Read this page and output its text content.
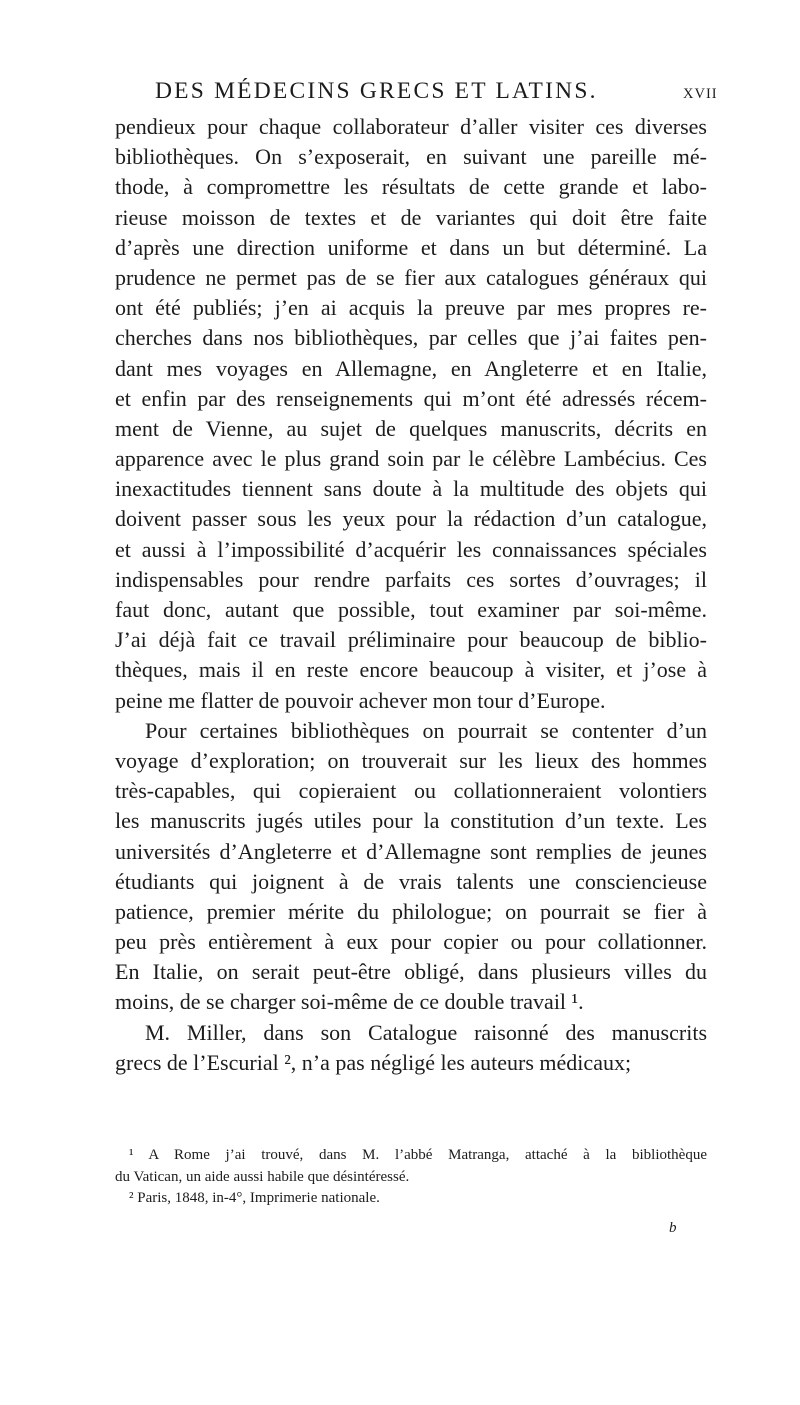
DES MÉDECINS GRECS ET LATINS.	XVII
pendieux pour chaque collaborateur d’aller visiter ces diverses
bibliothèques. On s’exposerait, en suivant une pareille mé-
thode, à compromettre les résultats de cette grande et labo-
rieuse moisson de textes et de variantes qui doit être faite
d’après une direction uniforme et dans un but déterminé. La
prudence ne permet pas de se fier aux catalogues généraux qui
ont été publiés; j’en ai acquis la preuve par mes propres re-
cherches dans nos bibliothèques, par celles que j’ai faites pen-
dant mes voyages en Allemagne, en Angleterre et en Italie,
et enfin par des renseignements qui m’ont été adressés récem-
ment de Vienne, au sujet de quelques manuscrits, décrits en
apparence avec le plus grand soin par le célèbre Lambécius. Ces
inexactitudes tiennent sans doute à la multitude des objets qui
doivent passer sous les yeux pour la rédaction d’un catalogue,
et aussi à l’impossibilité d’acquérir les connaissances spéciales
indispensables pour rendre parfaits ces sortes d’ouvrages; il
faut donc, autant que possible, tout examiner par soi-même.
J’ai déjà fait ce travail préliminaire pour beaucoup de biblio-
thèques, mais il en reste encore beaucoup à visiter, et j’ose à
peine me flatter de pouvoir achever mon tour d’Europe.
Pour certaines bibliothèques on pourrait se contenter d’un
voyage d’exploration; on trouverait sur les lieux des hommes
très-capables, qui copieraient ou collationneraient volontiers
les manuscrits jugés utiles pour la constitution d’un texte. Les
universités d’Angleterre et d’Allemagne sont remplies de jeunes
étudiants qui joignent à de vrais talents une consciencieuse
patience, premier mérite du philologue; on pourrait se fier à
peu près entièrement à eux pour copier ou pour collationner.
En Italie, on serait peut-être obligé, dans plusieurs villes du
moins, de se charger soi-même de ce double travail ¹.
M. Miller, dans son Catalogue raisonné des manuscrits
grecs de l’Escurial ², n’a pas négligé les auteurs médicaux;
¹ A Rome j’ai trouvé, dans M. l’abbé Matranga, attaché à la bibliothèque
du Vatican, un aide aussi habile que désintéressé.
² Paris, 1848, in-4°, Imprimerie nationale.
b
